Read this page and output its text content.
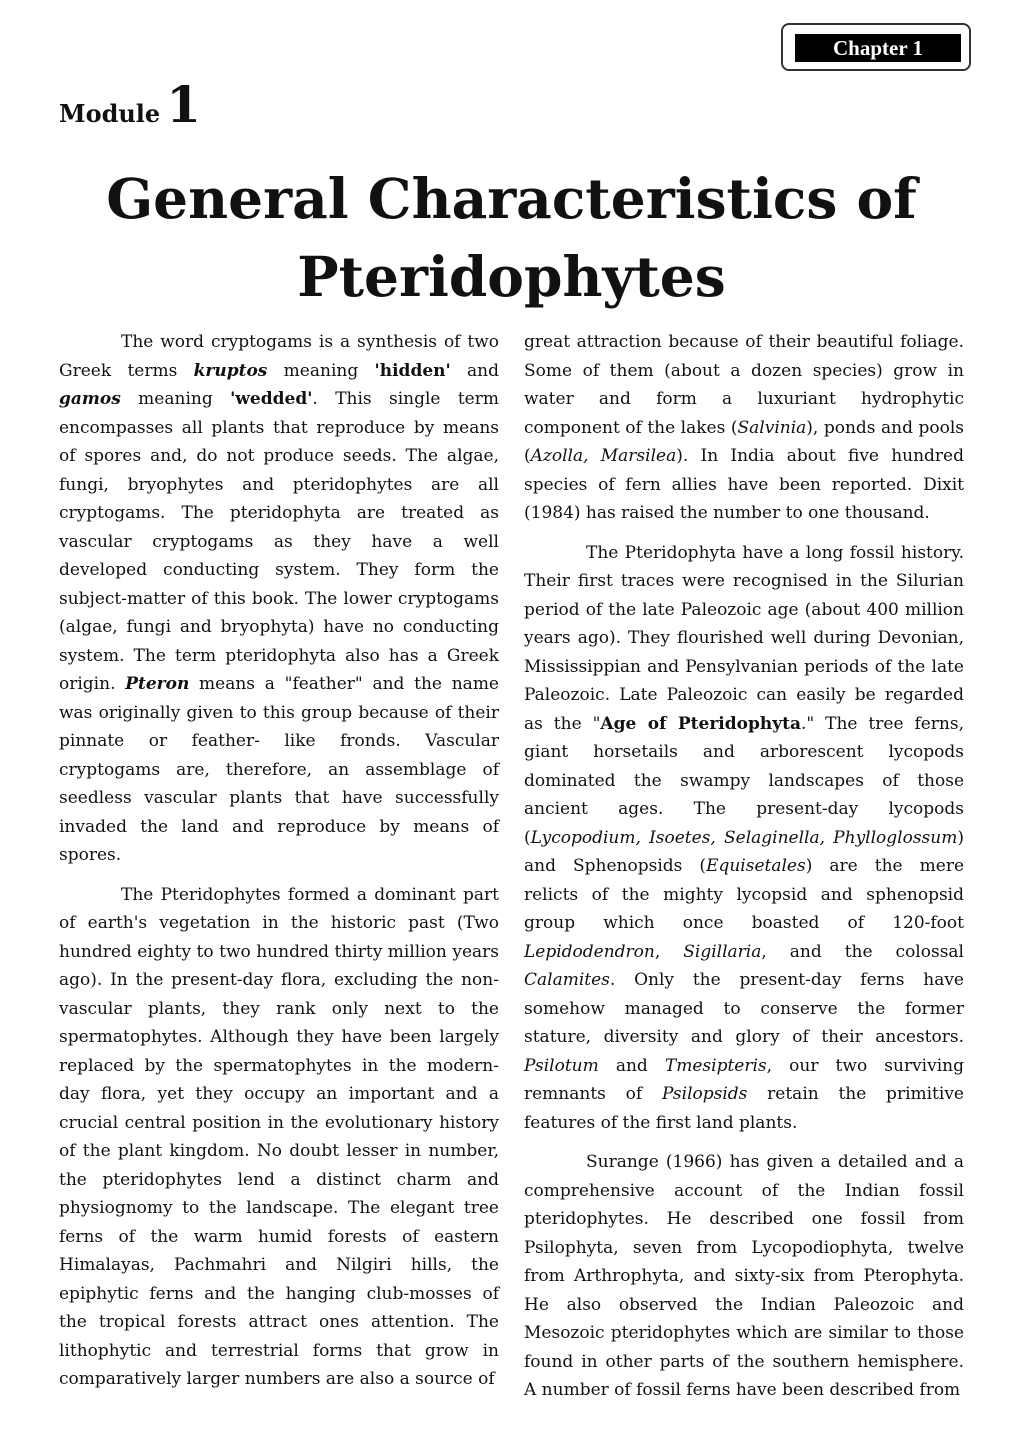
Chapter 1
Module 1
General Characteristics of Pteridophytes

The word cryptogams is a synthesis of two Greek terms kruptos meaning 'hidden' and gamos meaning 'wedded'. This single term encompasses all plants that reproduce by means of spores and, do not produce seeds. The algae, fungi, bryophytes and pteridophytes are all cryptogams. The pteridophyta are treated as vascular cryptogams as they have a well developed conducting system. They form the subject-matter of this book. The lower cryptogams (algae, fungi and bryophyta) have no conducting system. The term pteridophyta also has a Greek origin. Pteron means a "feather" and the name was originally given to this group because of their pinnate or feather- like fronds. Vascular cryptogams are, therefore, an assemblage of seedless vascular plants that have successfully invaded the land and reproduce by means of spores.

The Pteridophytes formed a dominant part of earth's vegetation in the historic past (Two hundred eighty to two hundred thirty million years ago). In the present-day flora, excluding the non-vascular plants, they rank only next to the spermatophytes. Although they have been largely replaced by the spermatophytes in the modern-day flora, yet they occupy an important and a crucial central position in the evolutionary history of the plant kingdom. No doubt lesser in number, the pteridophytes lend a distinct charm and physiognomy to the landscape. The elegant tree ferns of the warm humid forests of eastern Himalayas, Pachmahri and Nilgiri hills, the epiphytic ferns and the hanging club-mosses of the tropical forests attract ones attention. The lithophytic and terrestrial forms that grow in comparatively larger numbers are also a source of

great attraction because of their beautiful foliage. Some of them (about a dozen species) grow in water and form a luxuriant hydrophytic component of the lakes (Salvinia), ponds and pools (Azolla, Marsilea). In India about five hundred species of fern allies have been reported. Dixit (1984) has raised the number to one thousand.

The Pteridophyta have a long fossil history. Their first traces were recognised in the Silurian period of the late Paleozoic age (about 400 million years ago). They flourished well during Devonian, Mississippian and Pensylvanian periods of the late Paleozoic. Late Paleozoic can easily be regarded as the "Age of Pteridophyta." The tree ferns, giant horsetails and arborescent lycopods dominated the swampy landscapes of those ancient ages. The present-day lycopods (Lycopodium, Isoetes, Selaginella, Phylloglossum) and Sphenopsids (Equisetales) are the mere relicts of the mighty lycopsid and sphenopsid group which once boasted of 120-foot Lepidodendron, Sigillaria, and the colossal Calamites. Only the present-day ferns have somehow managed to conserve the former stature, diversity and glory of their ancestors. Psilotum and Tmesipteris, our two surviving remnants of Psilopsids retain the primitive features of the first land plants.

Surange (1966) has given a detailed and a comprehensive account of the Indian fossil pteridophytes. He described one fossil from Psilophyta, seven from Lycopodiophyta, twelve from Arthrophyta, and sixty-six from Pterophyta. He also observed the Indian Paleozoic and Mesozoic pteridophytes which are similar to those found in other parts of the southern hemisphere. A number of fossil ferns have been described from
